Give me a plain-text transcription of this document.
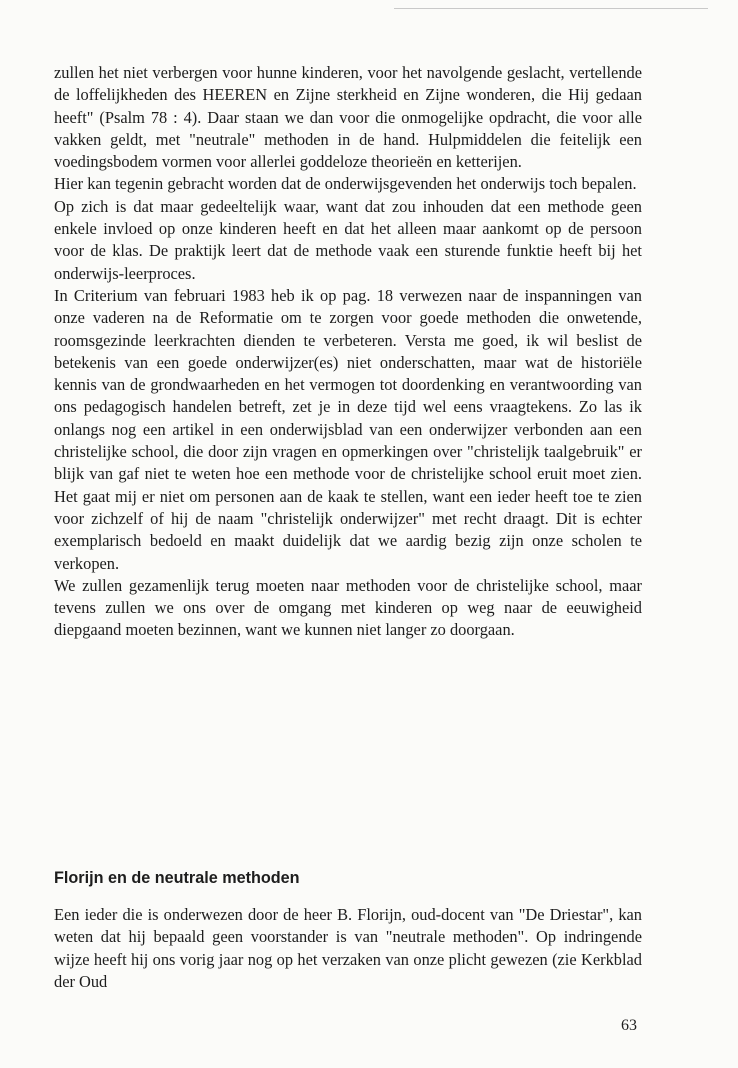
zullen het niet verbergen voor hunne kinderen, voor het navolgende geslacht, vertellende de loffelijkheden des HEEREN en Zijne sterkheid en Zijne wonderen, die Hij gedaan heeft" (Psalm 78 : 4). Daar staan we dan voor die onmogelijke opdracht, die voor alle vakken geldt, met "neutrale" methoden in de hand. Hulpmiddelen die feitelijk een voedingsbodem vormen voor allerlei goddeloze theorieën en ketterijen.

Hier kan tegenin gebracht worden dat de onderwijsgevenden het onderwijs toch bepalen.

Op zich is dat maar gedeeltelijk waar, want dat zou inhouden dat een methode geen enkele invloed op onze kinderen heeft en dat het alleen maar aankomt op de persoon voor de klas. De praktijk leert dat de methode vaak een sturende funktie heeft bij het onderwijs-leerproces.

In Criterium van februari 1983 heb ik op pag. 18 verwezen naar de inspanningen van onze vaderen na de Reformatie om te zorgen voor goede methoden die onwetende, roomsgezinde leerkrachten dienden te verbeteren. Versta me goed, ik wil beslist de betekenis van een goede onderwijzer(es) niet onderschatten, maar wat de historiële kennis van de grondwaarheden en het vermogen tot doordenking en verantwoording van ons pedagogisch handelen betreft, zet je in deze tijd wel eens vraagtekens. Zo las ik onlangs nog een artikel in een onderwijsblad van een onderwijzer verbonden aan een christelijke school, die door zijn vragen en opmerkingen over "christelijk taalgebruik" er blijk van gaf niet te weten hoe een methode voor de christelijke school eruit moet zien. Het gaat mij er niet om personen aan de kaak te stellen, want een ieder heeft toe te zien voor zichzelf of hij de naam "christelijk onderwijzer" met recht draagt. Dit is echter exemplarisch bedoeld en maakt duidelijk dat we aardig bezig zijn onze scholen te verkopen.

We zullen gezamenlijk terug moeten naar methoden voor de christelijke school, maar tevens zullen we ons over de omgang met kinderen op weg naar de eeuwigheid diepgaand moeten bezinnen, want we kunnen niet langer zo doorgaan.

Florijn en de neutrale methoden

Een ieder die is onderwezen door de heer B. Florijn, oud-docent van "De Driestar", kan weten dat hij bepaald geen voorstander is van "neutrale methoden". Op indringende wijze heeft hij ons vorig jaar nog op het verzaken van onze plicht gewezen (zie Kerkblad der Oud

63
